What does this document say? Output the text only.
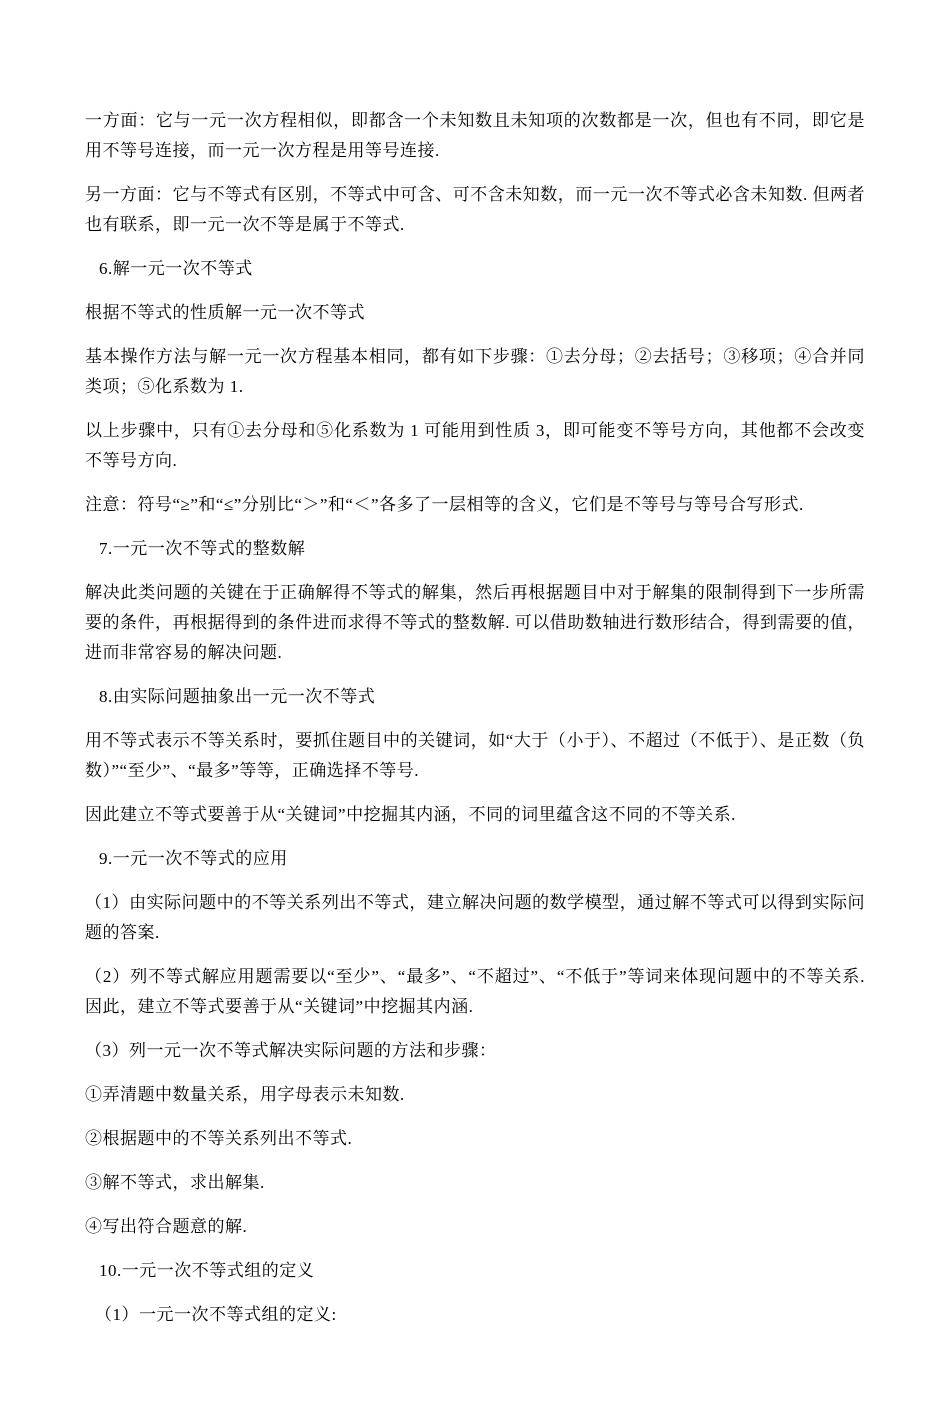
一方面：它与一元一次方程相似，即都含一个未知数且未知项的次数都是一次，但也有不同，即它是用不等号连接，而一元一次方程是用等号连接.

另一方面：它与不等式有区别，不等式中可含、可不含未知数，而一元一次不等式必含未知数. 但两者也有联系，即一元一次不等是属于不等式.

6.解一元一次不等式

根据不等式的性质解一元一次不等式

基本操作方法与解一元一次方程基本相同，都有如下步骤：①去分母；②去括号；③移项；④合并同类项；⑤化系数为 1.

以上步骤中，只有①去分母和⑤化系数为 1 可能用到性质 3，即可能变不等号方向，其他都不会改变不等号方向.

注意：符号“≥”和“≤”分别比“＞”和“＜”各多了一层相等的含义，它们是不等号与等号合写形式.

7.一元一次不等式的整数解

解决此类问题的关键在于正确解得不等式的解集，然后再根据题目中对于解集的限制得到下一步所需要的条件，再根据得到的条件进而求得不等式的整数解. 可以借助数轴进行数形结合，得到需要的值，进而非常容易的解决问题.

8.由实际问题抽象出一元一次不等式

用不等式表示不等关系时，要抓住题目中的关键词，如“大于（小于）、不超过（不低于）、是正数（负数）”“至少”、“最多”等等，正确选择不等号.

因此建立不等式要善于从“关键词”中挖掘其内涵，不同的词里蕴含这不同的不等关系.

9.一元一次不等式的应用

（1）由实际问题中的不等关系列出不等式，建立解决问题的数学模型，通过解不等式可以得到实际问题的答案.

（2）列不等式解应用题需要以“至少”、“最多”、“不超过”、“不低于”等词来体现问题中的不等关系. 因此，建立不等式要善于从“关键词”中挖掘其内涵.

（3）列一元一次不等式解决实际问题的方法和步骤：

①弄清题中数量关系，用字母表示未知数.

②根据题中的不等关系列出不等式.

③解不等式，求出解集.

④写出符合题意的解.

10.一元一次不等式组的定义

（1）一元一次不等式组的定义:
